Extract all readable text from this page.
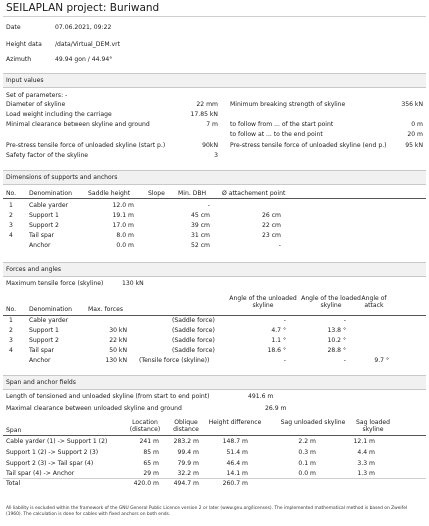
SEILAPLAN project: Buriwand
Date	07.06.2021, 09:22
Height data /data/Virtual_DEM.vrt
Azimuth	49.94 gon / 44.94°
Input values
Set of parameters: -
Diameter of skyline	22 mm Minimum breaking strength of skyline	356 kN
Load weight including the carriage	17.85 kN
Minimal clearance between skyline and ground	7 m to follow from ... of the start point	0 m
to follow at ... to the end point	20 m
Pre-stress tensile force of unloaded skyline (start p.)	90kN Pre-stress tensile force of unloaded skyline (end p.)	95 kN
Safety factor of the skyline	3
Dimensions of supports and anchors
No. Denomination	Saddle height	Slope Min. DBH	Ø attachement point
1	Cable yarder	12.0 m	-
2	Support 1	19.1 m	45 cm	26 cm
3	Support 2	17.0 m	39 cm	22 cm
4	Tail spar	8.0 m	31 cm	23 cm
Anchor	0.0 m	52 cm	-
Forces and angles
Maximum tensile force (skyline)	130 kN
No. Denomination	Max. forces
Angle of the unloaded skyline
Angle of the loaded skyline
Angle of attack
1	Cable yarder	(Saddle force)	-	-
2	Support 1	30 kN	(Saddle force)	4.7 °	13.8 °
3	Support 2	22 kN	(Saddle force)	1.1 °	10.2 °
4	Tail spar	50 kN	(Saddle force)	18.6 °	28.8 °
Anchor	130 kN (Tensile force (skyline))	-	-	9.7 °
Span and anchor fields
Length of tensioned and unloaded skyline (from start to end point)	491.6 m
Maximal clearance between unloaded skyline and ground	26.9 m
Span
Location (distance)
Oblique distance
Height difference	Sag unloaded skyline	Sag loaded skyline
Cable yarder (1) -> Support 1 (2)	241 m	283.2 m	148.7 m	2.2 m	12.1 m
Support 1 (2) -> Support 2 (3)	85 m	99.4 m	51.4 m	0.3 m	4.4 m
Support 2 (3) -> Tail spar (4)	65 m	79.9 m	46.4 m	0.1 m	3.3 m
Tail spar (4) -> Anchor	29 m	32.2 m	14.1 m	0.0 m	1.3 m
Total	420.0 m	494.7 m	260.7 m
All liability is excluded within the framework of the GNU General Public Licence version 2 or later (www.gnu.org/licenses). The implemented mathematical method is based on Zweifel (1960). The calculation is done for cables with fixed anchors on both ends.
